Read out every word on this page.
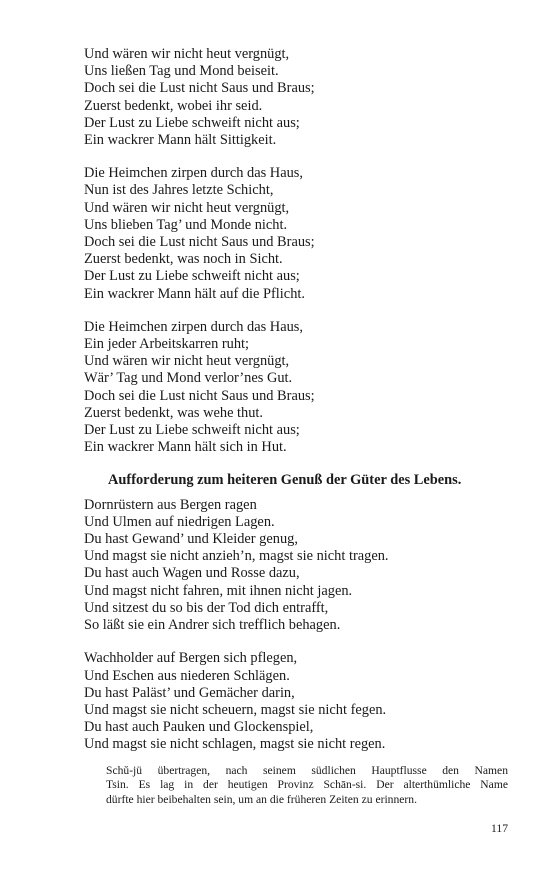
Und wären wir nicht heut vergnügt,
Uns ließen Tag und Mond beiseit.
Doch sei die Lust nicht Saus und Braus;
Zuerst bedenkt, wobei ihr seid.
Der Lust zu Liebe schweift nicht aus;
Ein wackrer Mann hält Sittigkeit.
Die Heimchen zirpen durch das Haus,
Nun ist des Jahres letzte Schicht,
Und wären wir nicht heut vergnügt,
Uns blieben Tag’ und Monde nicht.
Doch sei die Lust nicht Saus und Braus;
Zuerst bedenkt, was noch in Sicht.
Der Lust zu Liebe schweift nicht aus;
Ein wackrer Mann hält auf die Pflicht.
Die Heimchen zirpen durch das Haus,
Ein jeder Arbeitskarren ruht;
Und wären wir nicht heut vergnügt,
Wär’ Tag und Mond verlor’nes Gut.
Doch sei die Lust nicht Saus und Braus;
Zuerst bedenkt, was wehe thut.
Der Lust zu Liebe schweift nicht aus;
Ein wackrer Mann hält sich in Hut.
Aufforderung zum heiteren Genuß der Güter des Lebens.
Dornrüstern aus Bergen ragen
Und Ulmen auf niedrigen Lagen.
Du hast Gewand’ und Kleider genug,
Und magst sie nicht anzieh’n, magst sie nicht tragen.
Du hast auch Wagen und Rosse dazu,
Und magst nicht fahren, mit ihnen nicht jagen.
Und sitzest du so bis der Tod dich entrafft,
So läßt sie ein Andrer sich trefflich behagen.
Wachholder auf Bergen sich pflegen,
Und Eschen aus niederen Schlägen.
Du hast Paläst’ und Gemächer darin,
Und magst sie nicht scheuern, magst sie nicht fegen.
Du hast auch Pauken und Glockenspiel,
Und magst sie nicht schlagen, magst sie nicht regen.
Schŭ-jü übertragen, nach seinem südlichen Hauptflusse den Namen
Tsin. Es lag in der heutigen Provinz Schān-si. Der alterthümliche Name
dürfte hier beibehalten sein, um an die früheren Zeiten zu erinnern.
117
